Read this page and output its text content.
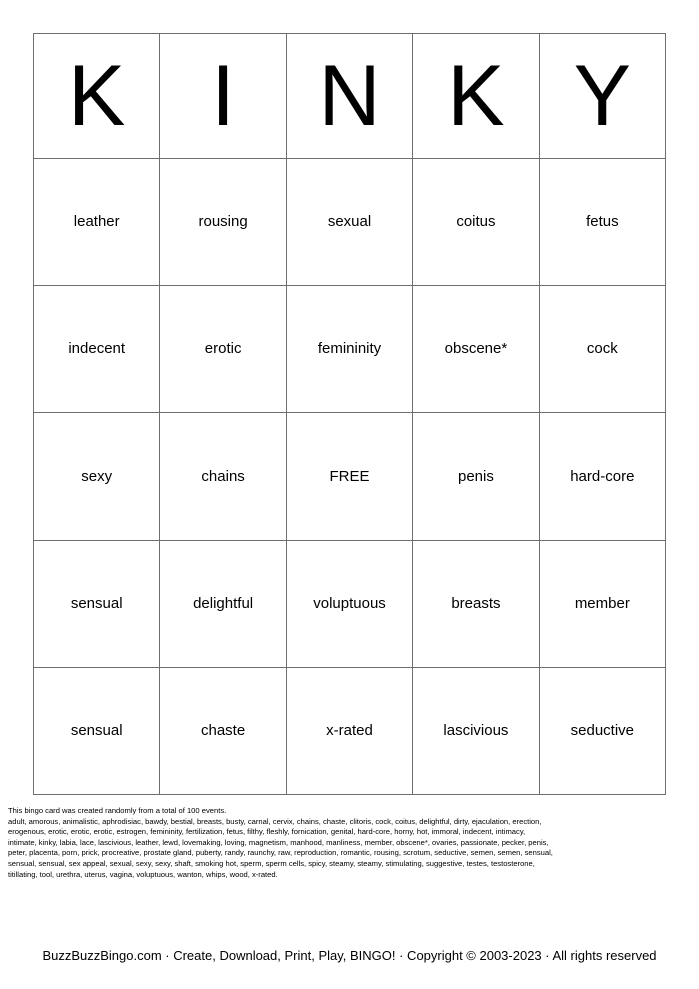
K I N K Y
leather	rousing	sexual	coitus	fetus
indecent	erotic	femininity	obscene*	cock
sexy	chains	FREE	penis	hard-core
sensual	delightful	voluptuous	breasts	member
sensual	chaste	x-rated	lascivious	seductive
This bingo card was created randomly from a total of 100 events.
adult, amorous, animalistic, aphrodisiac, bawdy, bestial, breasts, busty, carnal, cervix, chains, chaste, clitoris, cock, coitus, delightful, dirty, ejaculation, erection,
erogenous, erotic, erotic, erotic, estrogen, femininity, fertilization, fetus, filthy, fleshly, fornication, genital, hard-core, horny, hot, immoral, indecent, intimacy,
intimate, kinky, labia, lace, lascivious, leather, lewd, lovemaking, loving, magnetism, manhood, manliness, member, obscene*, ovaries, passionate, pecker, penis,
peter, placenta, porn, prick, procreative, prostate gland, puberty, randy, raunchy, raw, reproduction, romantic, rousing, scrotum, seductive, semen, semen, sensual,
sensual, sensual, sex appeal, sexual, sexy, sexy, shaft, smoking hot, sperm, sperm cells, spicy, steamy, steamy, stimulating, suggestive, testes, testosterone,
titillating, tool, urethra, uterus, vagina, voluptuous, wanton, whips, wood, x-rated.
BuzzBuzzBingo.com · Create, Download, Print, Play, BINGO! · Copyright © 2003-2023 · All rights reserved
